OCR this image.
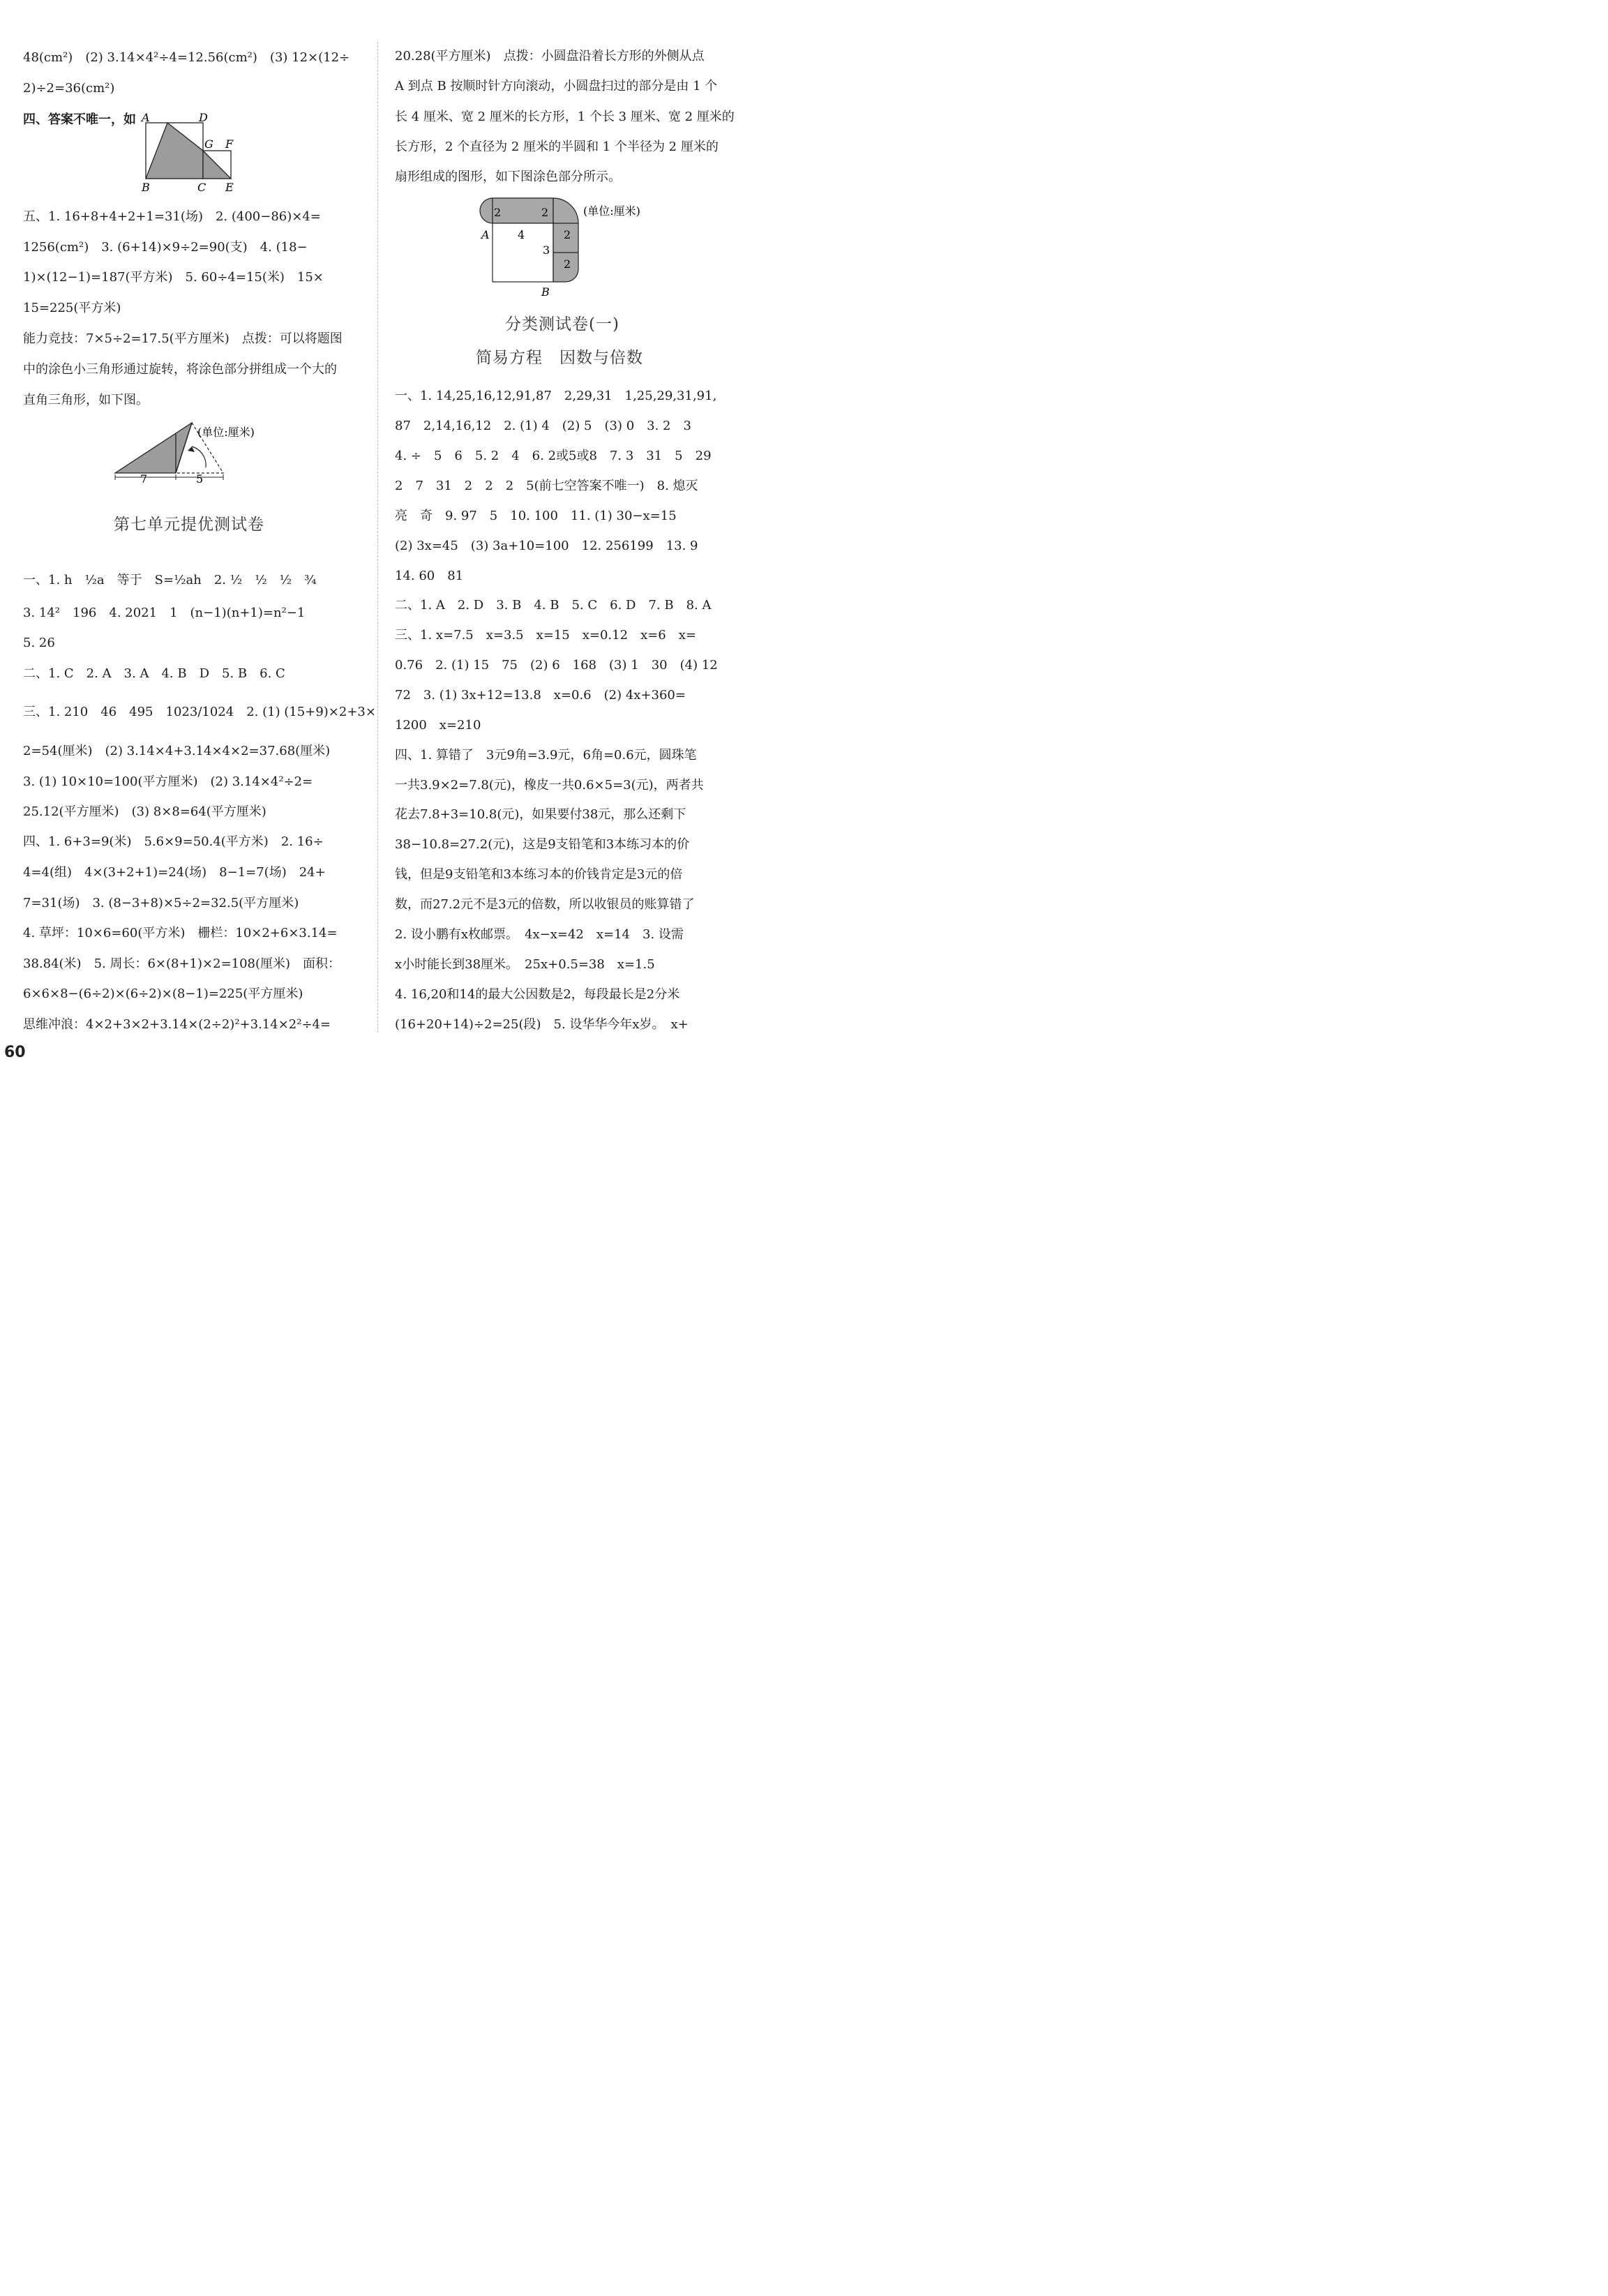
48(cm²)　(2) 3.14×4²÷4=12.56(cm²)　(3) 12×(12÷
2)÷2=36(cm²)
四、答案不唯一，如 A	D
G F
B	C E
五、1. 16+8+4+2+1=31(场)　2. (400−86)×4=
1256(cm²)　3. (6+14)×9÷2=90(支)　4. (18−
1)×(12−1)=187(平方米)　5. 60÷4=15(米)　15×
15=225(平方米)
能力竞技：7×5÷2=17.5(平方厘米)　点拨：可以将题图
中的涂色小三角形通过旋转，将涂色部分拼组成一个大的
直角三角形，如下图。
7	5
(单位:厘米)
第七单元提优测试卷
一、1. h　½a　等于　S=½ah　2. ½　½　½　¾
3. 14²　196　4. 2021　1　(n−1)(n+1)=n²−1
5. 26
二、1. C　2. A　3. A　4. B　D　5. B　6. C
三、1. 210　46　495　1023/1024　2. (1) (15+9)×2+3×
2=54(厘米)　(2) 3.14×4+3.14×4×2=37.68(厘米)
3. (1) 10×10=100(平方厘米)　(2) 3.14×4²÷2=
25.12(平方厘米)　(3) 8×8=64(平方厘米)
四、1. 6+3=9(米)　5.6×9=50.4(平方米)　2. 16÷
4=4(组)　4×(3+2+1)=24(场)　8−1=7(场)　24+
7=31(场)　3. (8−3+8)×5÷2=32.5(平方厘米)
4. 草坪：10×6=60(平方米)　栅栏：10×2+6×3.14=
38.84(米)　5. 周长：6×(8+1)×2=108(厘米)　面积：
6×6×8−(6÷2)×(6÷2)×(8−1)=225(平方厘米)
思维冲浪：4×2+3×2+3.14×(2÷2)²+3.14×2²÷4=
20.28(平方厘米)　点拨：小圆盘沿着长方形的外侧从点
A 到点 B 按顺时针方向滚动，小圆盘扫过的部分是由 1 个
长 4 厘米、宽 2 厘米的长方形，1 个长 3 厘米、宽 2 厘米的
长方形，2 个直径为 2 厘米的半圆和 1 个半径为 2 厘米的
扇形组成的图形，如下图涂色部分所示。
2	2
4	2
3
2
A
B
(单位:厘米)
分类测试卷(一)
简易方程　因数与倍数
一、1. 14,25,16,12,91,87　2,29,31　1,25,29,31,91,
87　2,14,16,12　2. (1) 4　(2) 5　(3) 0　3. 2　3
4. ÷　5　6　5. 2　4　6. 2或5或8　7. 3　31　5　29
2　7　31　2　2　2　5(前七空答案不唯一)　8. 熄灭
亮　奇　9. 97　5　10. 100　11. (1) 30−x=15
(2) 3x=45　(3) 3a+10=100　12. 256199　13. 9
14. 60　81
二、1. A　2. D　3. B　4. B　5. C　6. D　7. B　8. A
三、1. x=7.5　x=3.5　x=15　x=0.12　x=6　x=
0.76　2. (1) 15　75　(2) 6　168　(3) 1　30　(4) 12
72　3. (1) 3x+12=13.8　x=0.6　(2) 4x+360=
1200　x=210
四、1. 算错了　3元9角=3.9元，6角=0.6元，圆珠笔
一共3.9×2=7.8(元)，橡皮一共0.6×5=3(元)，两者共
花去7.8+3=10.8(元)，如果要付38元，那么还剩下
38−10.8=27.2(元)，这是9支铅笔和3本练习本的价
钱，但是9支铅笔和3本练习本的价钱肯定是3元的倍
数，而27.2元不是3元的倍数，所以收银员的账算错了
2. 设小鹏有x枚邮票。　4x−x=42　x=14　3. 设需
x小时能长到38厘米。　25x+0.5=38　x=1.5
4. 16,20和14的最大公因数是2，每段最长是2分米
(16+20+14)÷2=25(段)　5. 设华华今年x岁。　x+
60
